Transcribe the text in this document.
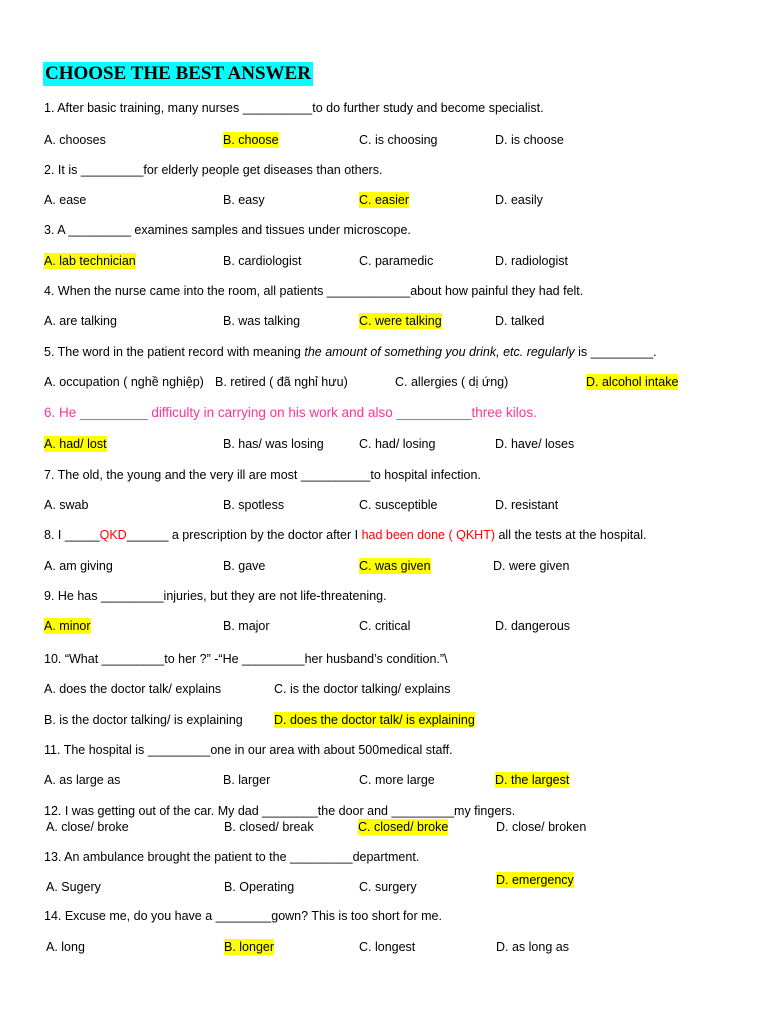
CHOOSE THE BEST ANSWER
1. After basic training, many nurses __________to do further study and become specialist.
A. chooses	B. choose	C. is choosing	D. is choose
2. It is _________for elderly people get diseases than others.
A. ease	B. easy	C. easier	D. easily
3. A _________ examines samples and tissues under microscope.
A. lab technician	B. cardiologist	C. paramedic	D. radiologist
4. When the nurse came into the room, all patients ____________about how painful they had felt.
A. are talking	B. was talking	C. were talking	D. talked
5. The word in the patient record with meaning the amount of something you drink, etc. regularly is _________.
A. occupation ( nghề nghiệp) B. retired ( đã nghỉ hưu)	C. allergies ( dị ứng)	D. alcohol intake
6. He _________ difficulty in carrying on his work and also __________three kilos.
A. had/ lost	B. has/ was losing	C. had/ losing	D. have/ loses
7. The old, the young and the very ill are most __________to hospital infection.
A. swab	B. spotless	C. susceptible	D. resistant
8. I _____QKD______ a prescription by the doctor after I had been done ( QKHT) all the tests at the hospital.
A. am giving	B. gave	C. was given	D. were given
9. He has _________injuries, but they are not life-threatening.
A. minor	B. major	C. critical	D. dangerous
10. “What _________to her ?” -“He _________her husband’s condition.”\
A. does the doctor talk/ explains	C. is the doctor talking/ explains
B. is the doctor talking/ is explaining	D. does the doctor talk/ is explaining
11. The hospital is _________one in our area with about 500medical staff.
A. as large as	B. larger	C. more large	D. the largest
12. I was getting out of the car. My dad ________the door and _________my fingers.
A. close/ broke	B. closed/ break	C. closed/ broke	D. close/ broken
13. An ambulance brought the patient to the _________department.
A. Sugery	B. Operating	C. surgery	D. emergency
14. Excuse me, do you have a ________gown? This is too short for me.
A. long	B. longer	C. longest	D. as long as
